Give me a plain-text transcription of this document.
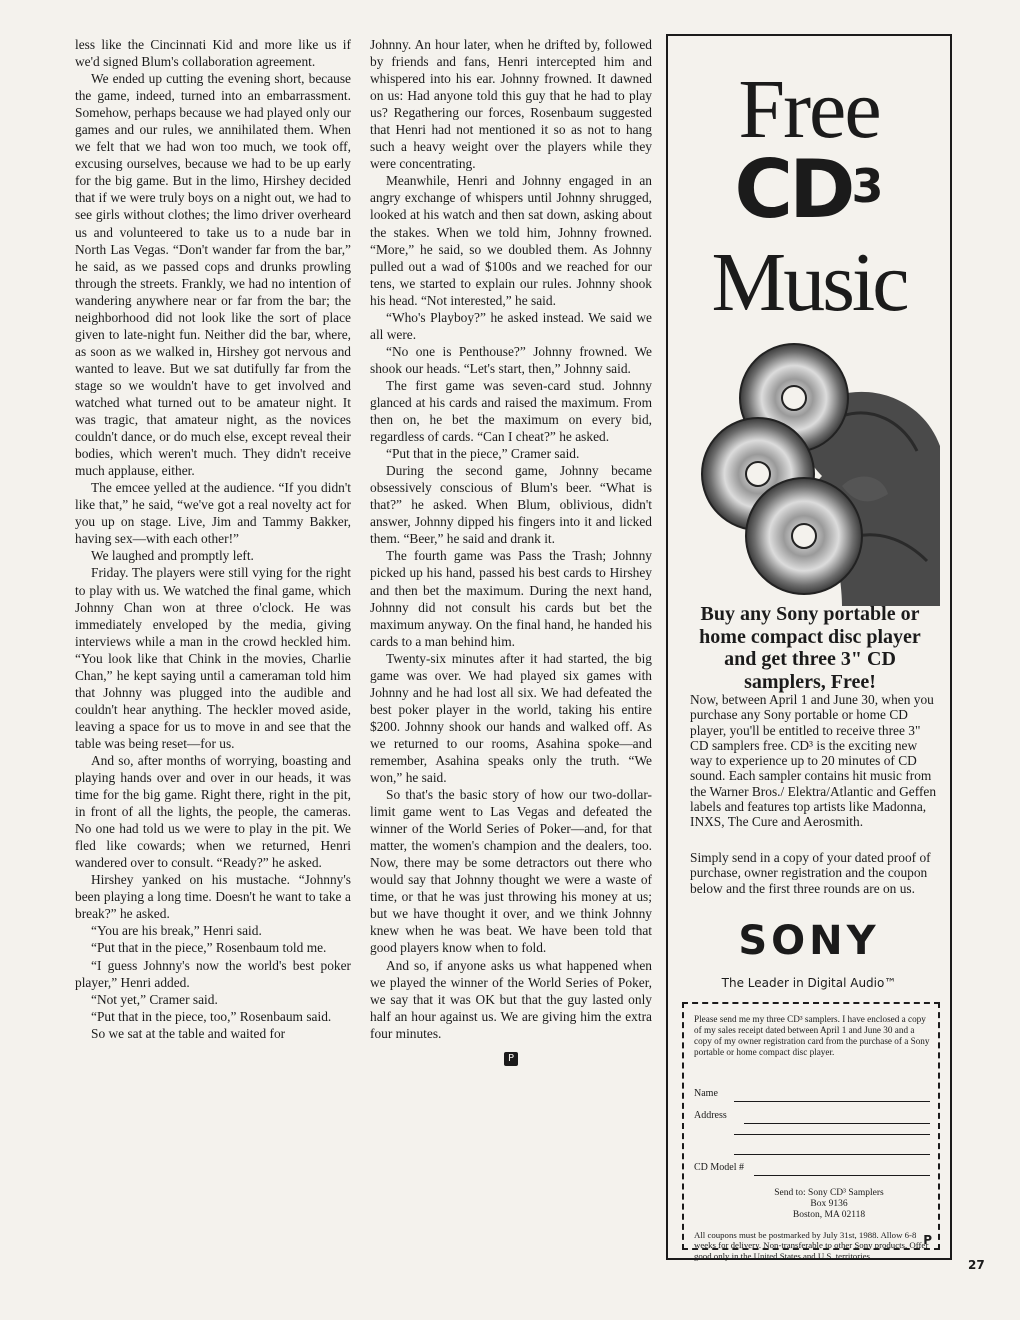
less like the Cincinnati Kid and more like us if we'd signed Blum's collaboration agreement.

We ended up cutting the evening short, because the game, indeed, turned into an embarrassment. Somehow, perhaps because we had played only our games and our rules, we annihilated them. When we felt that we had won too much, we took off, excusing ourselves, because we had to be up early for the big game. But in the limo, Hirshey decided that if we were truly boys on a night out, we had to see girls without clothes; the limo driver overheard us and volunteered to take us to a nude bar in North Las Vegas. “Don't wander far from the bar,” he said, as we passed cops and drunks prowling through the streets. Frankly, we had no intention of wandering anywhere near or far from the bar; the neighborhood did not look like the sort of place given to late-night fun. Neither did the bar, where, as soon as we walked in, Hirshey got nervous and wanted to leave. But we sat dutifully far from the stage so we wouldn't have to get involved and watched what turned out to be amateur night. It was tragic, that amateur night, as the novices couldn't dance, or do much else, except reveal their bodies, which weren't much. They didn't receive much applause, either.

The emcee yelled at the audience. “If you didn't like that,” he said, “we've got a real novelty act for you up on stage. Live, Jim and Tammy Bakker, having sex—with each other!”

We laughed and promptly left.

Friday. The players were still vying for the right to play with us. We watched the final game, which Johnny Chan won at three o'clock. He was immediately enveloped by the media, giving interviews while a man in the crowd heckled him. “You look like that Chink in the movies, Charlie Chan,” he kept saying until a cameraman told him that Johnny was plugged into the audible and couldn't hear anything. The heckler moved aside, leaving a space for us to move in and see that the table was being reset—for us.

And so, after months of worrying, boasting and playing hands over and over in our heads, it was time for the big game. Right there, right in the pit, in front of all the lights, the people, the cameras. No one had told us we were to play in the pit. We fled like cowards; when we returned, Henri wandered over to consult. “Ready?” he asked.

Hirshey yanked on his mustache. “Johnny's been playing a long time. Doesn't he want to take a break?” he asked.

“You are his break,” Henri said.

“Put that in the piece,” Rosenbaum told me.

“I guess Johnny's now the world's best poker player,” Henri added.

“Not yet,” Cramer said.

“Put that in the piece, too,” Rosenbaum said.

So we sat at the table and waited for

Johnny. An hour later, when he drifted by, followed by friends and fans, Henri intercepted him and whispered into his ear. Johnny frowned. It dawned on us: Had anyone told this guy that he had to play us? Regathering our forces, Rosenbaum suggested that Henri had not mentioned it so as not to hang such a heavy weight over the players while they were concentrating.

Meanwhile, Henri and Johnny engaged in an angry exchange of whispers until Johnny shrugged, looked at his watch and then sat down, asking about the stakes. When we told him, Johnny frowned. “More,” he said, so we doubled them. As Johnny pulled out a wad of $100s and we reached for our tens, we started to explain our rules. Johnny shook his head. “Not interested,” he said.

“Who's Playboy?” he asked instead. We said we all were.

“No one is Penthouse?” Johnny frowned. We shook our heads. “Let's start, then,” Johnny said.

The first game was seven-card stud. Johnny glanced at his cards and raised the maximum. From then on, he bet the maximum on every bid, regardless of cards. “Can I cheat?” he asked.

“Put that in the piece,” Cramer said.

During the second game, Johnny became obsessively conscious of Blum's beer. “What is that?” he asked. When Blum, oblivious, didn't answer, Johnny dipped his fingers into it and licked them. “Beer,” he said and drank it.

The fourth game was Pass the Trash; Johnny picked up his hand, passed his best cards to Hirshey and then bet the maximum. During the next hand, Johnny did not consult his cards but bet the maximum anyway. On the final hand, he handed his cards to a man behind him.

Twenty-six minutes after it had started, the big game was over. We had played six games with Johnny and he had lost all six. We had defeated the best poker player in the world, taking his entire $200. Johnny shook our hands and walked off. As we returned to our rooms, Asahina spoke—and remember, Asahina speaks only the truth. “We won,” he said.

So that's the basic story of how our two-dollar-limit game went to Las Vegas and defeated the winner of the World Series of Poker—and, for that matter, the women's champion and the dealers, too. Now, there may be some detractors out there who would say that Johnny thought we were a waste of time, or that he was just throwing his money at us; but we have thought it over, and we think Johnny knew when he was beat. We have been told that good players know when to fold.

And so, if anyone asks us what happened when we played the winner of the World Series of Poker, we say that it was OK but that the guy lasted only half an hour against us. We are giving him the extra four minutes.

P
Free
$CD^3$
Music
Buy any Sony portable or home compact disc player and get three 3" CD samplers, Free!
Now, between April 1 and June 30, when you purchase any Sony portable or home CD player, you'll be entitled to receive three 3" CD samplers free. CD³ is the exciting new way to experience up to 20 minutes of CD sound. Each sampler contains hit music from the Warner Bros./ Elektra/Atlantic and Geffen labels and features top artists like Madonna, INXS, The Cure and Aerosmith.
Simply send in a copy of your dated proof of purchase, owner registration and the coupon below and the first three rounds are on us.
SONY
The Leader in Digital Audio™
Please send me my three CD³ samplers. I have enclosed a copy of my sales receipt dated between April 1 and June 30 and a copy of my owner registration card from the purchase of a Sony portable or home compact disc player.
Name
Address
CD Model #
Send to: Sony CD³ Samplers
Box 9136
Boston, MA 02118
All coupons must be postmarked by July 31st, 1988. Allow 6-8 weeks for delivery. Non-transferable to other Sony products. Offer good only in the United States and U.S. territories.
P
27
